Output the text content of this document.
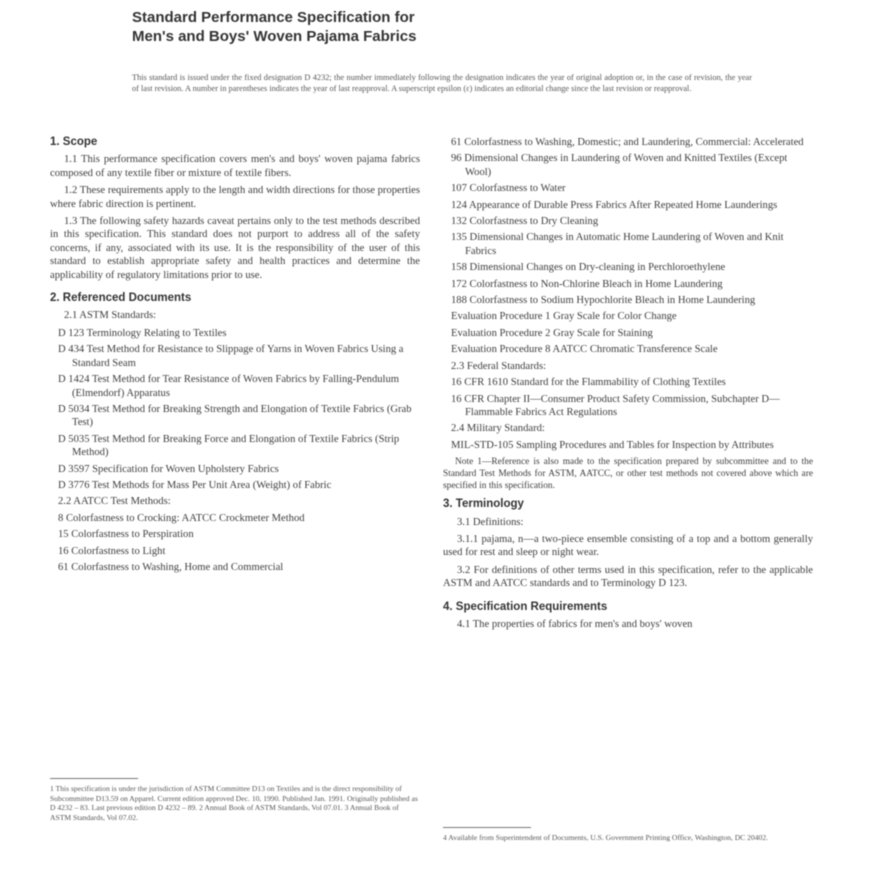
Standard Performance Specification for
Men's and Boys' Woven Pajama Fabrics
This standard is issued under the fixed designation D 4232; the number immediately following the designation indicates the year of original adoption or, in the case of revision, the year of last revision. A number in parentheses indicates the year of last reapproval. A superscript epsilon (ε) indicates an editorial change since the last revision or reapproval.
1. Scope
1.1 This performance specification covers men's and boys' woven pajama fabrics composed of any textile fiber or mixture of textile fibers.
1.2 These requirements apply to the length and width directions for those properties where fabric direction is pertinent.
1.3 The following safety hazards caveat pertains only to the test methods described in this specification. This standard does not purport to address all of the safety concerns, if any, associated with its use. It is the responsibility of the user of this standard to establish appropriate safety and health practices and determine the applicability of regulatory limitations prior to use.
2. Referenced Documents
2.1 ASTM Standards:
D 123 Terminology Relating to Textiles
D 434 Test Method for Resistance to Slippage of Yarns in Woven Fabrics Using a Standard Seam
D 1424 Test Method for Tear Resistance of Woven Fabrics by Falling-Pendulum (Elmendorf) Apparatus
D 5034 Test Method for Breaking Strength and Elongation of Textile Fabrics (Grab Test)
D 5035 Test Method for Breaking Force and Elongation of Textile Fabrics (Strip Method)
D 3597 Specification for Woven Upholstery Fabrics
D 3776 Test Methods for Mass Per Unit Area (Weight) of Fabric
2.2 AATCC Test Methods:
8 Colorfastness to Crocking: AATCC Crockmeter Method
15 Colorfastness to Perspiration
16 Colorfastness to Light
61 Colorfastness to Washing, Home and Commercial
1 This specification is under the jurisdiction of ASTM Committee D13 on Textiles and is the direct responsibility of Subcommittee D13.59 on Apparel. Current edition approved Dec. 10, 1990. Published Jan. 1991. Originally published as D 4232 – 83. Last previous edition D 4232 – 89. 2 Annual Book of ASTM Standards, Vol 07.01. 3 Annual Book of ASTM Standards, Vol 07.02.
61 Colorfastness to Washing, Domestic; and Laundering, Commercial: Accelerated
96 Dimensional Changes in Laundering of Woven and Knitted Textiles (Except Wool)
107 Colorfastness to Water
124 Appearance of Durable Press Fabrics After Repeated Home Launderings
132 Colorfastness to Dry Cleaning
135 Dimensional Changes in Automatic Home Laundering of Woven and Knit Fabrics
158 Dimensional Changes on Dry-cleaning in Perchloroethylene
172 Colorfastness to Non-Chlorine Bleach in Home Laundering
188 Colorfastness to Sodium Hypochlorite Bleach in Home Laundering
Evaluation Procedure 1 Gray Scale for Color Change
Evaluation Procedure 2 Gray Scale for Staining
Evaluation Procedure 8 AATCC Chromatic Transference Scale
2.3 Federal Standards:
16 CFR 1610 Standard for the Flammability of Clothing Textiles
16 CFR Chapter II—Consumer Product Safety Commission, Subchapter D—Flammable Fabrics Act Regulations
2.4 Military Standard:
MIL-STD-105 Sampling Procedures and Tables for Inspection by Attributes
Note 1—Reference is also made to the specification prepared by subcommittee and to the Standard Test Methods for ASTM, AATCC, or other test methods not covered above which are specified in this specification.
3. Terminology
3.1 Definitions:
3.1.1 pajama, n—a two-piece ensemble consisting of a top and a bottom generally used for rest and sleep or night wear.
3.2 For definitions of other terms used in this specification, refer to the applicable ASTM and AATCC standards and to Terminology D 123.
4. Specification Requirements
4.1 The properties of fabrics for men's and boys' woven
4 Available from Superintendent of Documents, U.S. Government Printing Office, Washington, DC 20402.
